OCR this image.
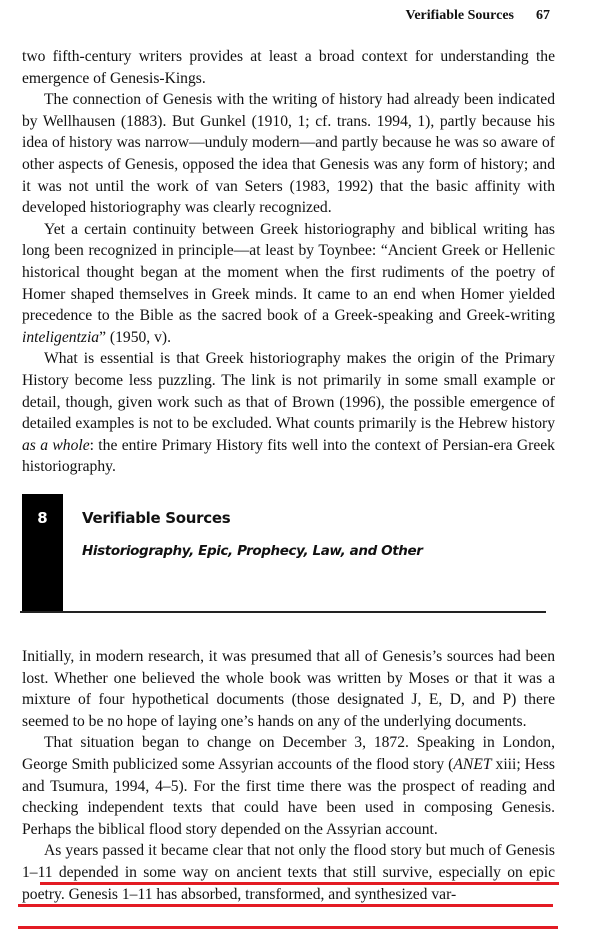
Verifiable Sources 67

two fifth-century writers provides at least a broad context for understanding the emergence of Genesis-Kings.

The connection of Genesis with the writing of history had already been indicated by Wellhausen (1883). But Gunkel (1910, 1; cf. trans. 1994, 1), partly because his idea of history was narrow—unduly modern—and partly because he was so aware of other aspects of Genesis, opposed the idea that Genesis was any form of history; and it was not until the work of van Seters (1983, 1992) that the basic affinity with developed historiography was clearly recognized.

Yet a certain continuity between Greek historiography and biblical writing has long been recognized in principle—at least by Toynbee: “Ancient Greek or Hellenic historical thought began at the moment when the first rudiments of the poetry of Homer shaped themselves in Greek minds. It came to an end when Homer yielded precedence to the Bible as the sacred book of a Greek-speaking and Greek-writing inteligentzia” (1950, v).

What is essential is that Greek historiography makes the origin of the Primary History become less puzzling. The link is not primarily in some small example or detail, though, given work such as that of Brown (1996), the possible emergence of detailed examples is not to be excluded. What counts primarily is the Hebrew history as a whole: the entire Primary History fits well into the context of Persian-era Greek historiography.

8	Verifiable Sources
Historiography, Epic, Prophecy, Law, and Other

Initially, in modern research, it was presumed that all of Genesis’s sources had been lost. Whether one believed the whole book was written by Moses or that it was a mixture of four hypothetical documents (those designated J, E, D, and P) there seemed to be no hope of laying one’s hands on any of the underlying documents.

That situation began to change on December 3, 1872. Speaking in London, George Smith publicized some Assyrian accounts of the flood story (ANET xiii; Hess and Tsumura, 1994, 4–5). For the first time there was the prospect of reading and checking independent texts that could have been used in composing Genesis. Perhaps the biblical flood story depended on the Assyrian account.

As years passed it became clear that not only the flood story but much of Genesis 1–11 depended in some way on ancient texts that still survive, especially on epic poetry. Genesis 1–11 has absorbed, transformed, and synthesized var-
